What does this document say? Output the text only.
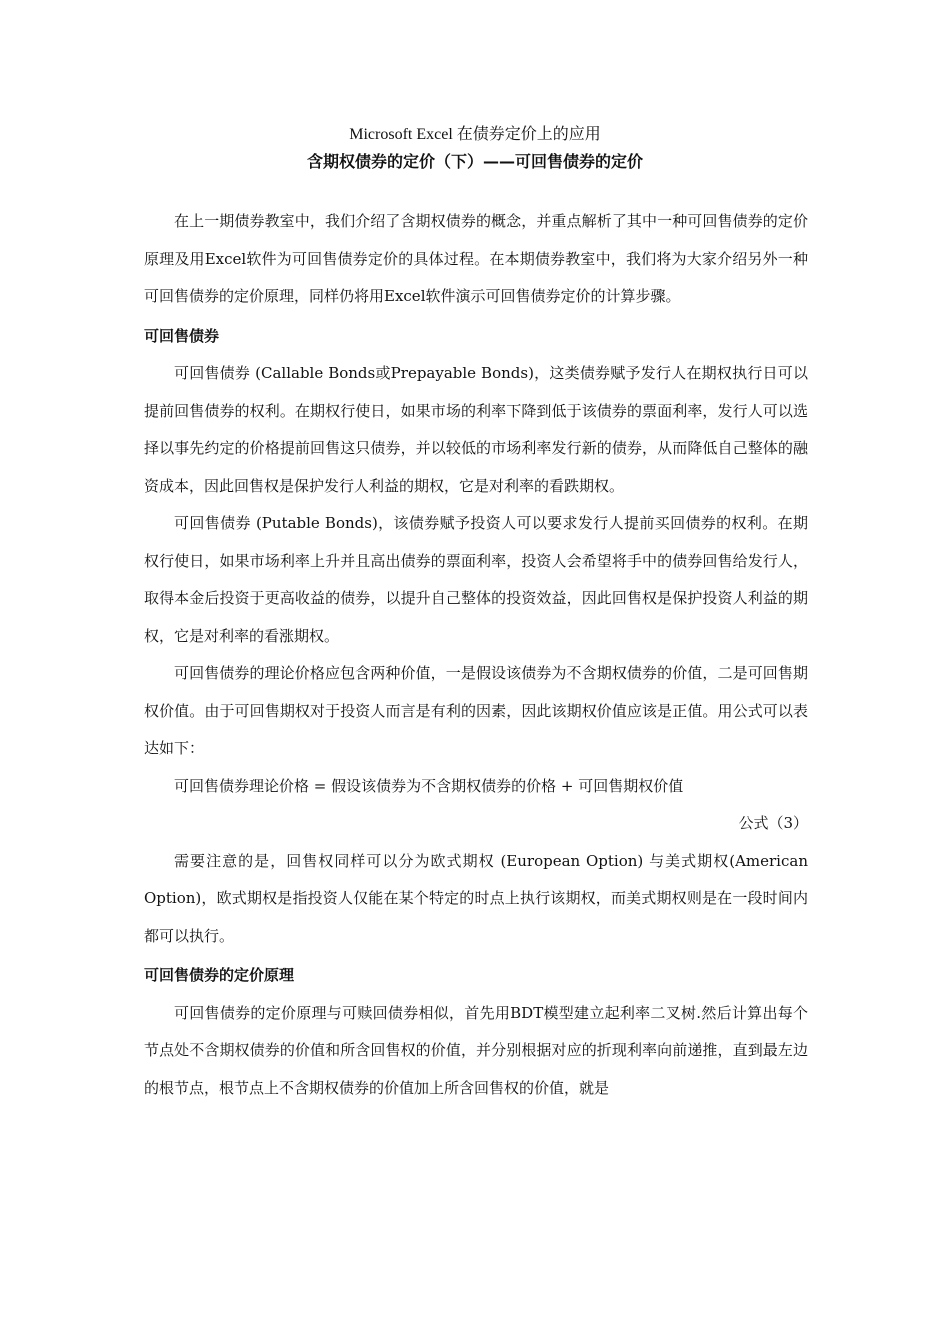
Microsoft Excel 在债券定价上的应用
含期权债券的定价（下）——可回售债券的定价

在上一期债券教室中，我们介绍了含期权债券的概念，并重点解析了其中一种可回售债券的定价原理及用Excel软件为可回售债券定价的具体过程。在本期债券教室中，我们将为大家介绍另外一种可回售债券的定价原理，同样仍将用Excel软件演示可回售债券定价的计算步骤。

可回售债券

可回售债券 (Callable Bonds或Prepayable Bonds)，这类债券赋予发行人在期权执行日可以提前回售债券的权利。在期权行使日，如果市场的利率下降到低于该债券的票面利率，发行人可以选择以事先约定的价格提前回售这只债券，并以较低的市场利率发行新的债券，从而降低自己整体的融资成本，因此回售权是保护发行人利益的期权，它是对利率的看跌期权。

可回售债券 (Putable Bonds)，该债券赋予投资人可以要求发行人提前买回债券的权利。在期权行使日，如果市场利率上升并且高出债券的票面利率，投资人会希望将手中的债券回售给发行人，取得本金后投资于更高收益的债券，以提升自己整体的投资效益，因此回售权是保护投资人利益的期权，它是对利率的看涨期权。

可回售债券的理论价格应包含两种价值，一是假设该债券为不含期权债券的价值，二是可回售期权价值。由于可回售期权对于投资人而言是有利的因素，因此该期权价值应该是正值。用公式可以表达如下：

可回售债券理论价格 = 假设该债券为不含期权债券的价格 + 可回售期权价值

公式（3）

需要注意的是，回售权同样可以分为欧式期权 (European Option) 与美式期权(American Option)，欧式期权是指投资人仅能在某个特定的时点上执行该期权，而美式期权则是在一段时间内都可以执行。

可回售债券的定价原理

可回售债券的定价原理与可赎回债券相似，首先用BDT模型建立起利率二叉树.然后计算出每个节点处不含期权债券的价值和所含回售权的价值，并分别根据对应的折现利率向前递推，直到最左边的根节点，根节点上不含期权债券的价值加上所含回售权的价值，就是
